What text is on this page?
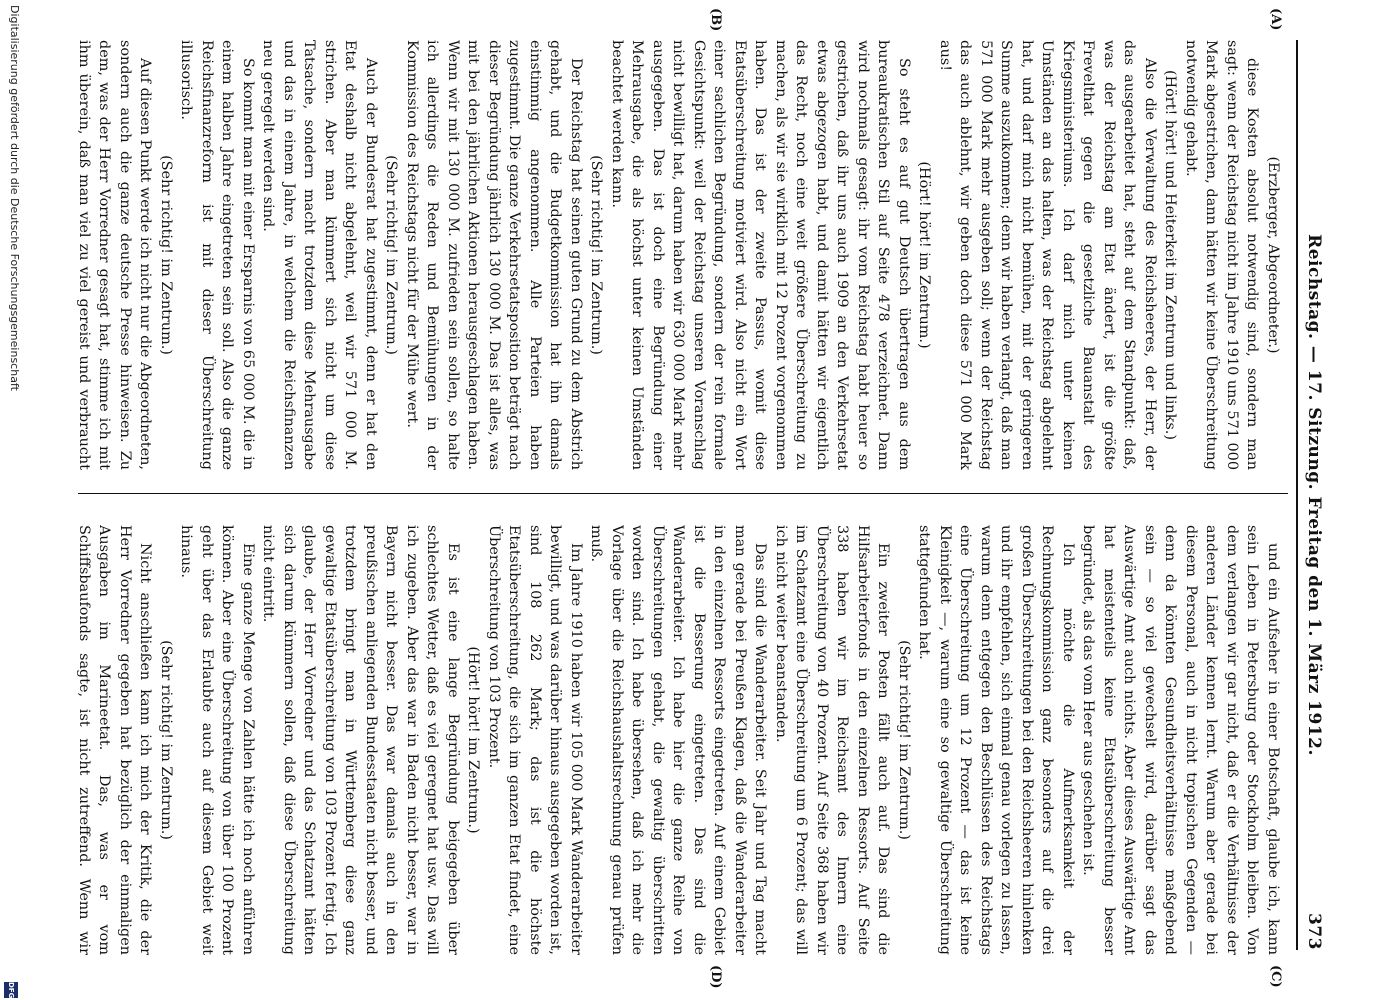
Reichstag. — 17. Sitzung. Freitag den 1. März 1912.
373
(A)
(B)
(C)
(D)

(Erzberger, Abgeordneter.)

diese Kosten absolut notwendig sind, sondern man sagt: wenn der Reichstag nicht im Jahre 1910 uns 571 000 Mark abgestrichen, dann hätten wir keine Überschreitung notwendig gehabt.

(Hört! hört! und Heiterkeit im Zentrum und links.)

Also die Verwaltung des Reichsheeres, der Herr, der das ausgearbeitet hat, steht auf dem Standpunkt: daß, was der Reichstag am Etat ändert, ist die größte Frevelthat gegen die gesetzliche Bauanstalt des Kriegsministeriums. Ich darf mich unter keinen Umständen an das halten, was der Reichstag abgelehnt hat, und darf mich nicht bemühen, mit der geringeren Summe auszukommen; denn wir haben verlangt, daß man 571 000 Mark mehr ausgeben soll; wenn der Reichstag das auch ablehnt, wir geben doch diese 571 000 Mark aus!

(Hört! hört! im Zentrum.)

So steht es auf gut Deutsch übertragen aus dem bureaukratischen Stil auf Seite 478 verzeichnet. Dann wird nochmals gesagt: ihr vom Reichstag habt heuer so gestrichen, daß ihr uns auch 1909 an den Verkehrsetat etwas abgezogen habt, und damit hätten wir eigentlich das Recht, noch eine weit größere Überschreitung zu machen, als wir sie wirklich mit 12 Prozent vorgenommen haben. Das ist der zweite Passus, womit diese Etatsüberschreitung motiviert wird. Also nicht ein Wort einer sachlichen Begründung, sondern der rein formale Gesichtspunkt: weil der Reichstag unseren Voranschlag nicht bewilligt hat, darum haben wir 630 000 Mark mehr ausgegeben. Das ist doch eine Begründung einer Mehrausgabe, die als höchst unter keinen Umständen beachtet werden kann.

(Sehr richtig! im Zentrum.)

Der Reichstag hat seinen guten Grund zu dem Abstrich gehabt, und die Budgetkommission hat ihn damals einstimmig angenommen. Alle Parteien haben zugestimmt. Die ganze Verkehrsetatsposition beträgt nach dieser Begründung jährlich 130 000 M. Das ist alles, was mit bei den jährlichen Aktionen herausgeschlagen haben. Wenn wir mit 130 000 M. zufrieden sein sollen, so halte ich allerdings die Reden und Bemühungen in der Kommission des Reichstags nicht für der Mühe wert.

(Sehr richtig! im Zentrum.)

Auch der Bundesrat hat zugestimmt, denn er hat den Etat deshalb nicht abgelehnt, weil wir 571 000 M. strichen. Aber man kümmert sich nicht um diese Tatsache, sondern macht trotzdem diese Mehrausgabe und das in einem Jahre, in welchem die Reichsfinanzen neu geregelt werden sind.

So kommt man mit einer Ersparnis von 65 000 M. die in einem halben Jahre eingetreten sein soll. Also die ganze Reichsfinanzreform ist mit dieser Überschreitung illusorisch.

(Sehr richtig! im Zentrum.)

Auf diesen Punkt werde ich nicht nur die Abgeordneten, sondern auch die ganze deutsche Presse hinweisen. Zu dem, was der Herr Vorredner gesagt hat, stimme ich mit ihm überein, daß man viel zu viel gereist und verbraucht

und ein Aufseher in einer Botschaft, glaube ich, kann sein Leben in Petersburg oder Stockholm bleiben. Von dem verlangen wir gar nicht, daß er die Verhältnisse der anderen Länder kennen lernt. Warum aber gerade bei diesem Personal, auch in nicht tropischen Gegenden — denn da könnten Gesundheitsverhältnisse maßgebend sein — so viel gewechselt wird, darüber sagt das Auswärtige Amt auch nichts. Aber dieses Auswärtige Amt hat meistenteils keine Etatsüberschreitung besser begründet, als das vom Heer aus geschehen ist.

Ich möchte die Aufmerksamkeit der Rechnungskommission ganz besonders auf die drei großen Überschreitungen bei den Reichsheeren hinlenken und ihr empfehlen, sich einmal genau vorlegen zu lassen, warum denn entgegen den Beschlüssen des Reichstags eine Überschreitung um 12 Prozent — das ist keine Kleinigkeit —, warum eine so gewaltige Überschreitung stattgefunden hat.

(Sehr richtig! im Zentrum.)

Ein zweiter Posten fällt auch auf. Das sind die Hilfsarbeiterfonds in den einzelnen Ressorts. Auf Seite 338 haben wir im Reichsamt des Innern eine Überschreitung von 40 Prozent. Auf Seite 368 haben wir im Schatzamt eine Überschreitung um 6 Prozent; das will ich nicht weiter beanstanden.

Das sind die Wanderarbeiter. Seit Jahr und Tag macht man gerade bei Preußen Klagen, daß die Wanderarbeiter in den einzelnen Ressorts eingetreten. Auf einem Gebiet ist die Besserung eingetreten. Das sind die Wanderarbeiter. Ich habe hier die ganze Reihe von Überschreitungen gehabt, die gewaltig überschritten worden sind. Ich habe übersehen, daß ich mehr die Vorlage über die Reichshaushaltsrechnung genau prüfen muß.

Im Jahre 1910 haben wir 105 000 Mark Wanderarbeiter bewilligt, und was darüber hinaus ausgegeben worden ist, sind 108 262 Mark; das ist die höchste Etatsüberschreitung, die sich im ganzen Etat findet, eine Überschreitung von 103 Prozent.

(Hört! hört! im Zentrum.)

Es ist eine lange Begründung beigegeben über schlechtes Wetter, daß es viel geregnet hat usw. Das will ich zugeben. Aber das war in Baden nicht besser, war in Bayern nicht besser. Das war damals auch in den preußischen anliegenden Bundesstaaten nicht besser, und trotzdem bringt man in Württemberg diese ganz gewaltige Etatsüberschreitung von 103 Prozent fertig. Ich glaube, der Herr Vorredner und das Schatzamt hätten sich darum kümmern sollen, daß diese Überschreitung nicht eintritt.

Eine ganze Menge von Zahlen hätte ich noch anführen können. Aber eine Überschreitung von über 100 Prozent geht über das Erlaubte auch auf diesem Gebiet weit hinaus.

(Sehr richtig! im Zentrum.)

Nicht anschließen kann ich mich der Kritik, die der Herr Vorredner gegeben hat bezüglich der einmaligen Ausgaben im Marineetat. Das, was er vom Schiffsbaufonds sagte, ist nicht zutreffend. Wenn wir

Digitalisierung gefördert durch die Deutsche Forschungsgemeinschaft
DFG
